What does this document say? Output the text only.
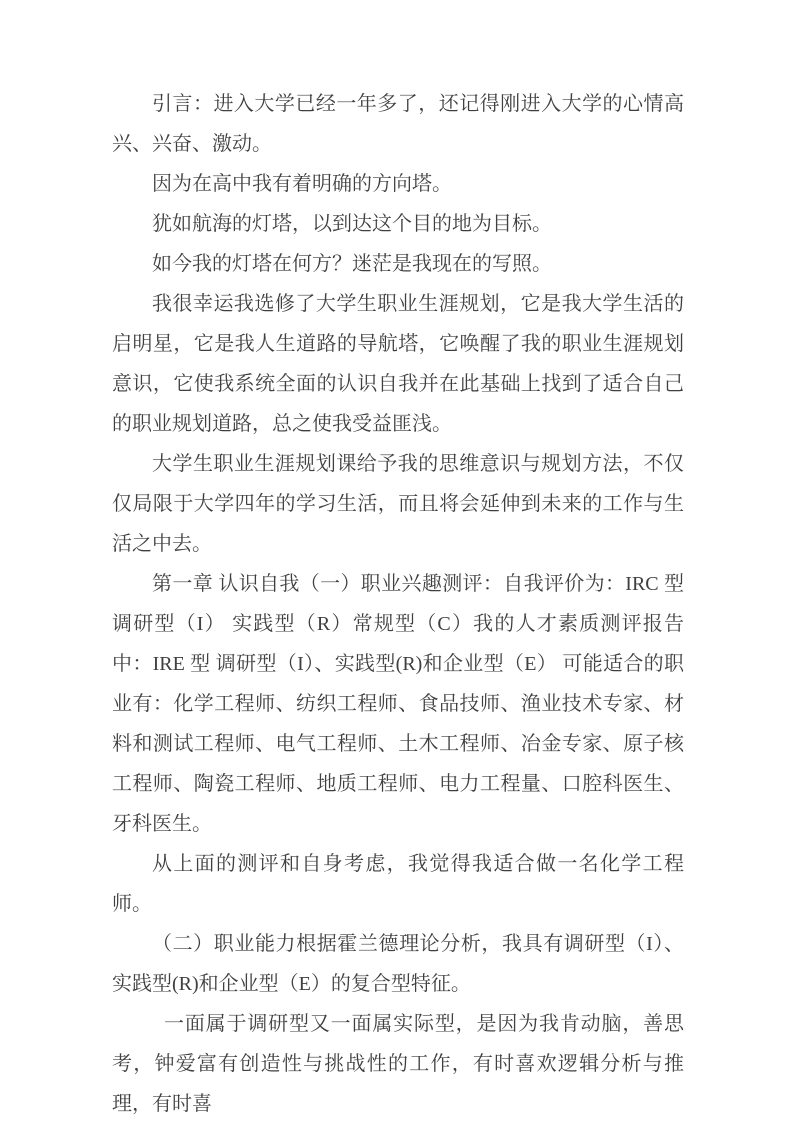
引言：进入大学已经一年多了，还记得刚进入大学的心情高兴、兴奋、激动。

因为在高中我有着明确的方向塔。

犹如航海的灯塔，以到达这个目的地为目标。

如今我的灯塔在何方？迷茫是我现在的写照。

我很幸运我选修了大学生职业生涯规划，它是我大学生活的启明星，它是我人生道路的导航塔，它唤醒了我的职业生涯规划意识，它使我系统全面的认识自我并在此基础上找到了适合自己的职业规划道路，总之使我受益匪浅。

大学生职业生涯规划课给予我的思维意识与规划方法，不仅仅局限于大学四年的学习生活，而且将会延伸到未来的工作与生活之中去。

第一章 认识自我（一）职业兴趣测评：自我评价为：IRC 型 调研型（I） 实践型（R）常规型（C）我的人才素质测评报告中：IRE 型 调研型（I）、实践型(R)和企业型（E） 可能适合的职业有：化学工程师、纺织工程师、食品技师、渔业技术专家、材料和测试工程师、电气工程师、土木工程师、冶金专家、原子核工程师、陶瓷工程师、地质工程师、电力工程量、口腔科医生、牙科医生。

从上面的测评和自身考虑，我觉得我适合做一名化学工程师。

（二）职业能力根据霍兰德理论分析，我具有调研型（I）、实践型(R)和企业型（E）的复合型特征。

一面属于调研型又一面属实际型，是因为我肯动脑，善思考，钟爱富有创造性与挑战性的工作，有时喜欢逻辑分析与推理，有时喜
